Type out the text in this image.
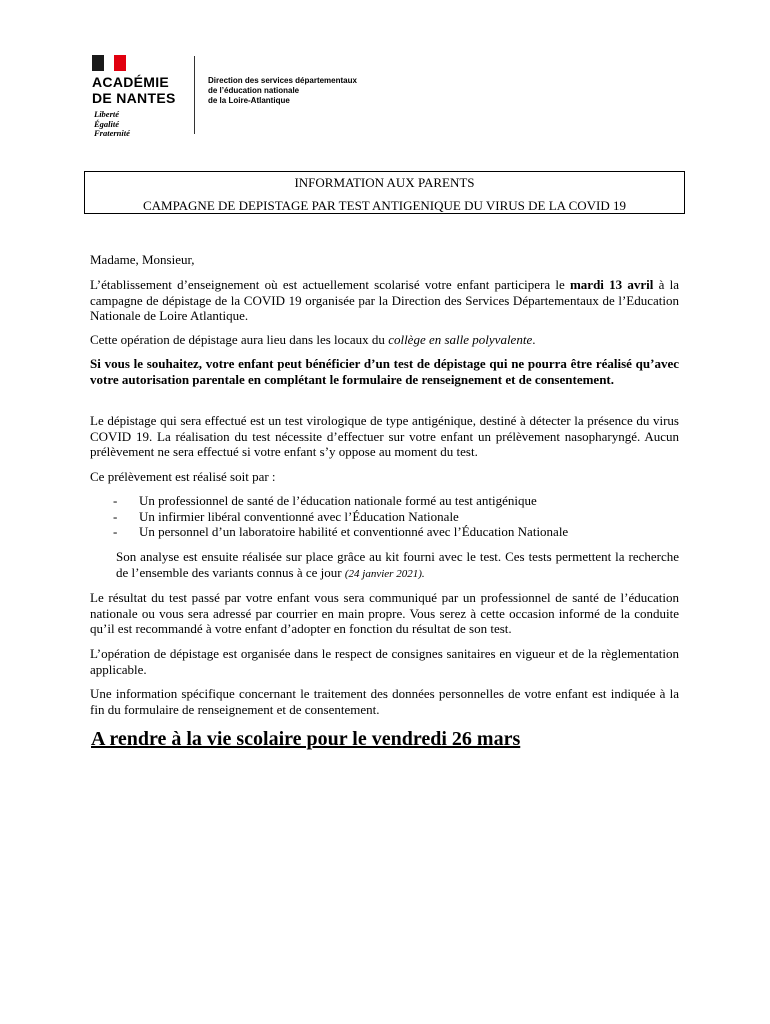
ACADÉMIE
DE NANTES
Liberté
Égalité
Fraternité
Direction des services départementaux
de l’éducation nationale
de la Loire-Atlantique
INFORMATION AUX PARENTS
CAMPAGNE DE DEPISTAGE PAR TEST ANTIGENIQUE DU VIRUS DE LA COVID 19
Madame, Monsieur,
L’établissement d’enseignement où est actuellement scolarisé votre enfant participera le mardi 13 avril à la campagne de dépistage de la COVID 19 organisée par la Direction des Services Départementaux de l’Education Nationale de Loire Atlantique.
Cette opération de dépistage aura lieu dans les locaux du collège en salle polyvalente.
Si vous le souhaitez, votre enfant peut bénéficier d’un test de dépistage qui ne pourra être réalisé qu’avec votre autorisation parentale en complétant le formulaire de renseignement et de consentement.
Le dépistage qui sera effectué est un test virologique de type antigénique, destiné à détecter la présence du virus COVID 19. La réalisation du test nécessite d’effectuer sur votre enfant un prélèvement nasopharyngé. Aucun prélèvement ne sera effectué si votre enfant s’y oppose au moment du test.
Ce prélèvement est réalisé soit par :
- Un professionnel de santé de l’éducation nationale formé au test antigénique
- Un infirmier libéral conventionné avec l’Éducation Nationale
- Un personnel d’un laboratoire habilité et conventionné avec l’Éducation Nationale
Son analyse est ensuite réalisée sur place grâce au kit fourni avec le test. Ces tests permettent la recherche de l’ensemble des variants connus à ce jour (24 janvier 2021).
Le résultat du test passé par votre enfant vous sera communiqué par un professionnel de santé de l’éducation nationale ou vous sera adressé par courrier en main propre. Vous serez à cette occasion informé de la conduite qu’il est recommandé à votre enfant d’adopter en fonction du résultat de son test.
L’opération de dépistage est organisée dans le respect de consignes sanitaires en vigueur et de la règlementation applicable.
Une information spécifique concernant le traitement des données personnelles de votre enfant est indiquée à la fin du formulaire de renseignement et de consentement.
A rendre à la vie scolaire pour le vendredi 26 mars
